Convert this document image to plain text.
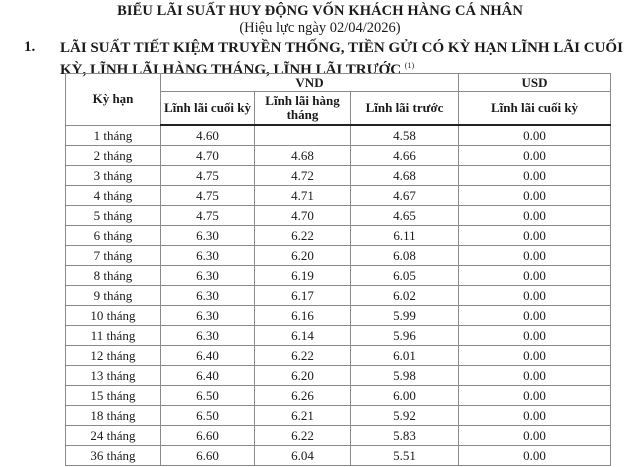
BIỂU LÃI SUẤT HUY ĐỘNG VỐN KHÁCH HÀNG CÁ NHÂN
(Hiệu lực ngày 02/04/2026)
1. LÃI SUẤT TIẾT KIỆM TRUYỀN THỐNG, TIỀN GỬI CÓ KỲ HẠN LĨNH LÃI CUỐI KỲ, LĨNH LÃI HÀNG THÁNG, LĨNH LÃI TRƯỚC $^{(1)}$
Kỳ hạn	VND			USD
	Lĩnh lãi cuối kỳ	Lĩnh lãi hàng tháng	Lĩnh lãi trước	Lĩnh lãi cuối kỳ
1 tháng	4.60		4.58	0.00
2 tháng	4.70	4.68	4.66	0.00
3 tháng	4.75	4.72	4.68	0.00
4 tháng	4.75	4.71	4.67	0.00
5 tháng	4.75	4.70	4.65	0.00
6 tháng	6.30	6.22	6.11	0.00
7 tháng	6.30	6.20	6.08	0.00
8 tháng	6.30	6.19	6.05	0.00
9 tháng	6.30	6.17	6.02	0.00
10 tháng	6.30	6.16	5.99	0.00
11 tháng	6.30	6.14	5.96	0.00
12 tháng	6.40	6.22	6.01	0.00
13 tháng	6.40	6.20	5.98	0.00
15 tháng	6.50	6.26	6.00	0.00
18 tháng	6.50	6.21	5.92	0.00
24 tháng	6.60	6.22	5.83	0.00
36 tháng	6.60	6.04	5.51	0.00
